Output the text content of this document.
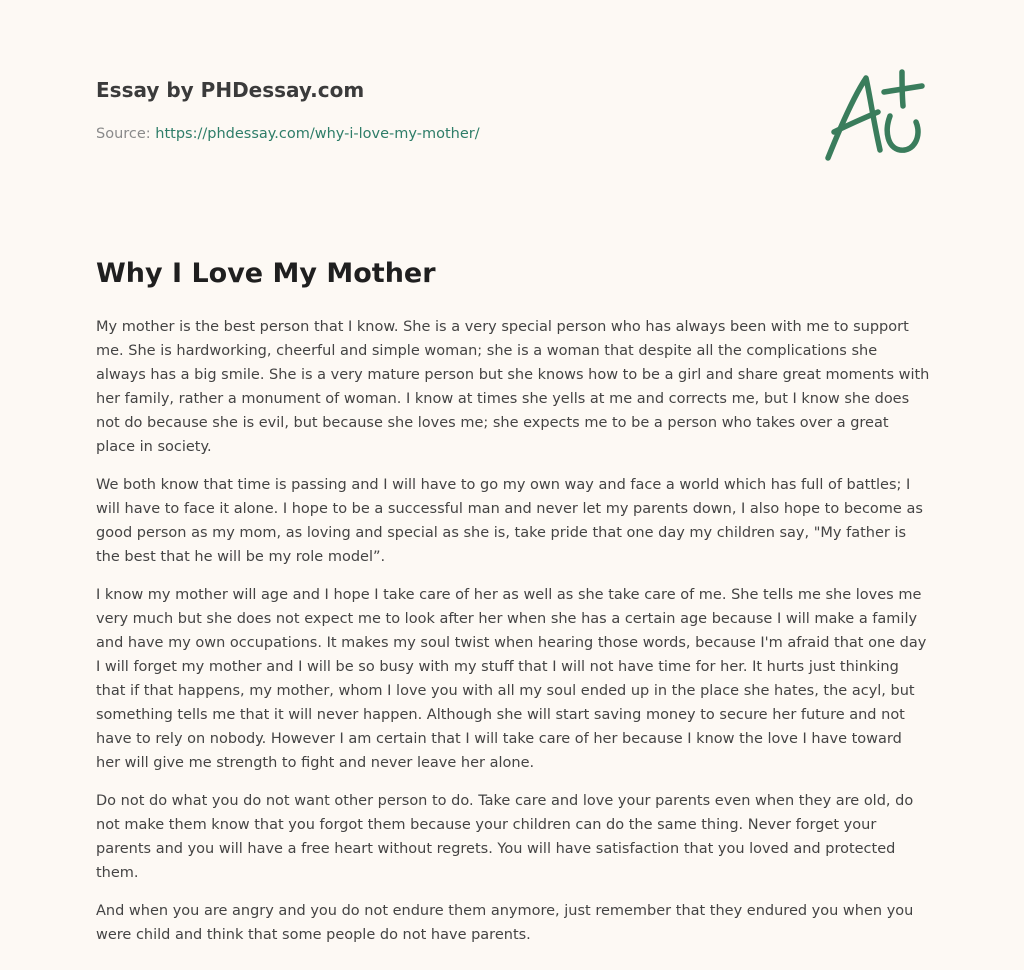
Essay by PHDessay.com
Source: https://phdessay.com/why-i-love-my-mother/
Why I Love My Mother

My mother is the best person that I know. She is a very special person who has always been with me to support me. She is hardworking, cheerful and simple woman; she is a woman that despite all the complications she always has a big smile. She is a very mature person but she knows how to be a girl and share great moments with her family, rather a monument of woman. I know at times she yells at me and corrects me, but I know she does not do because she is evil, but because she loves me; she expects me to be a person who takes over a great place in society.

We both know that time is passing and I will have to go my own way and face a world which has full of battles; I will have to face it alone. I hope to be a successful man and never let my parents down, I also hope to become as good person as my mom, as loving and special as she is, take pride that one day my children say, "My father is the best that he will be my role model”.

I know my mother will age and I hope I take care of her as well as she take care of me. She tells me she loves me very much but she does not expect me to look after her when she has a certain age because I will make a family and have my own occupations. It makes my soul twist when hearing those words, because I'm afraid that one day I will forget my mother and I will be so busy with my stuff that I will not have time for her. It hurts just thinking that if that happens, my mother, whom I love you with all my soul ended up in the place she hates, the acyl, but something tells me that it will never happen. Although she will start saving money to secure her future and not have to rely on nobody. However I am certain that I will take care of her because I know the love I have toward her will give me strength to fight and never leave her alone.

Do not do what you do not want other person to do. Take care and love your parents even when they are old, do not make them know that you forgot them because your children can do the same thing. Never forget your parents and you will have a free heart without regrets. You will have satisfaction that you loved and protected them.

And when you are angry and you do not endure them anymore, just remember that they endured you when you were child and think that some people do not have parents.
